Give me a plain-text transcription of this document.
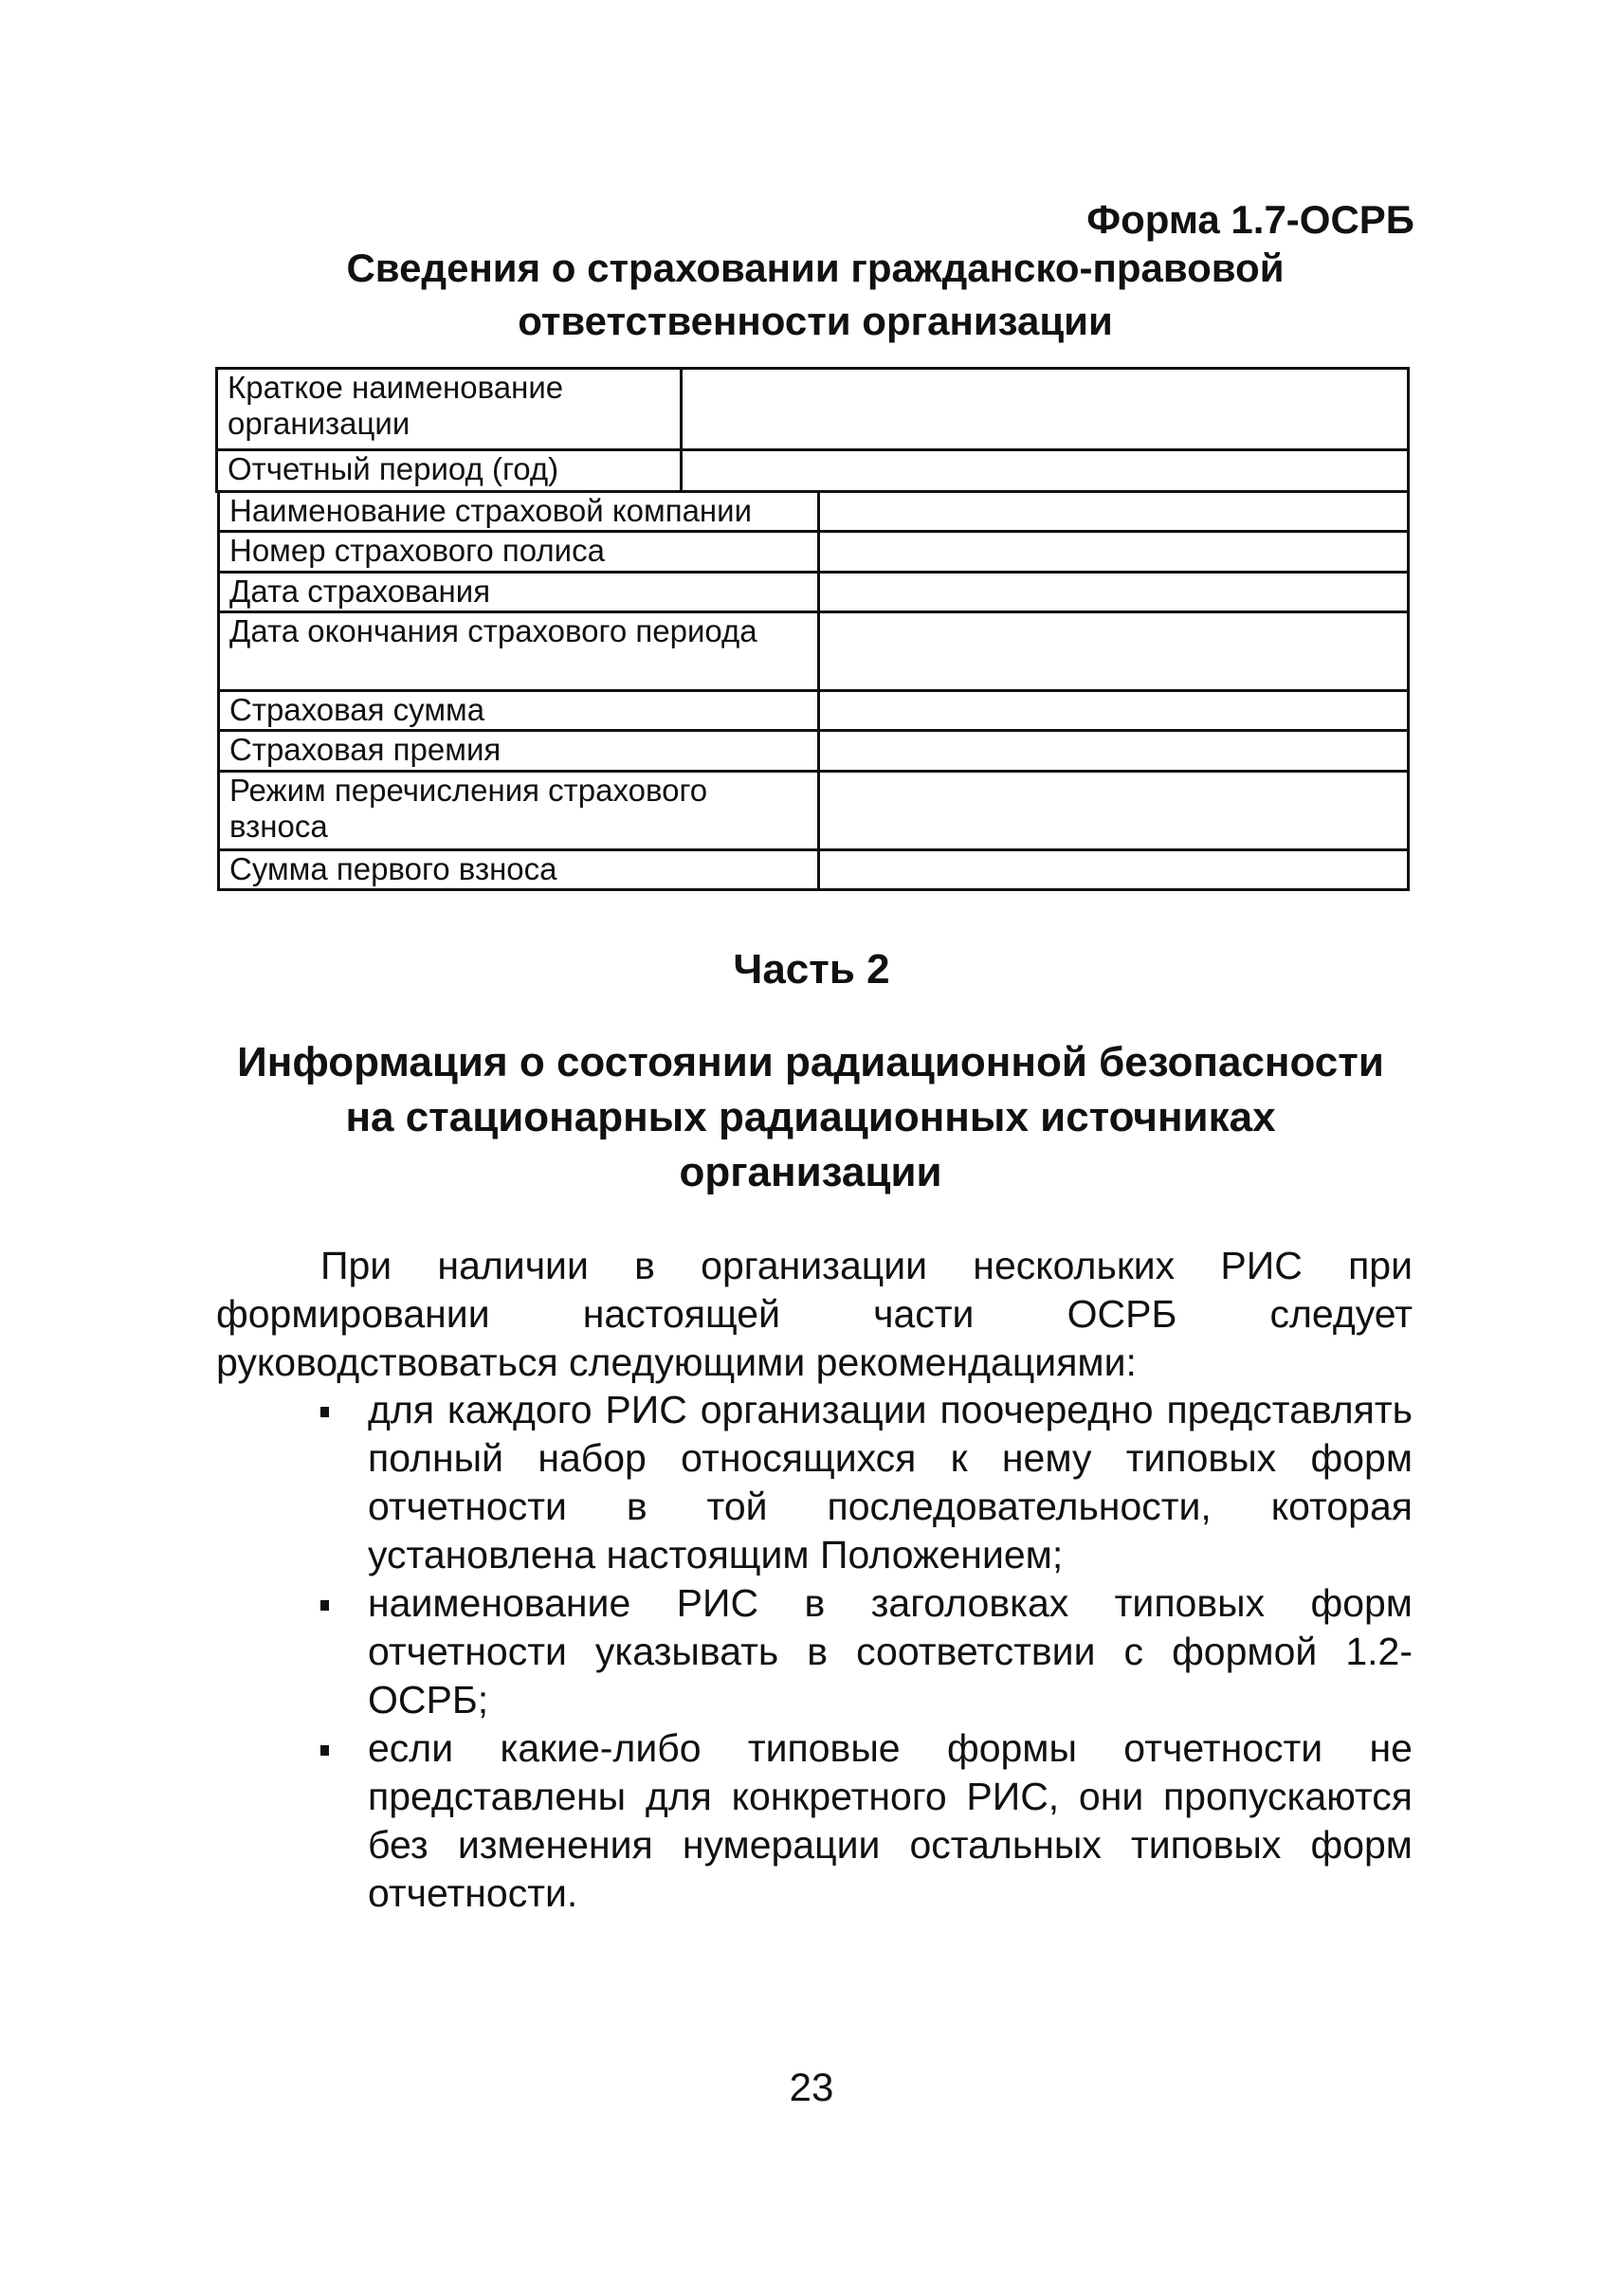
Форма 1.7-ОСРБ
Сведения о страховании гражданско-правовой
ответственности организации
Краткое наименование организации	
Отчетный период (год)	
Наименование страховой компании	
Номер страхового полиса	
Дата страхования	
Дата окончания страхового периода	
Страховая сумма	
Страховая премия	
Режим перечисления страхового взноса	
Сумма первого взноса	
Часть 2
Информация о состоянии радиационной безопасности
на стационарных радиационных источниках
организации

При наличии в организации нескольких РИС при формировании настоящей части ОСРБ следует руководствоваться следующими рекомендациями:

для каждого РИС организации поочередно представлять полный набор относящихся к нему типовых форм отчетности в той последовательности, которая установлена настоящим Положением;
наименование РИС в заголовках типовых форм отчетности указывать в соответствии с формой 1.2-ОСРБ;
если какие-либо типовые формы отчетности не представлены для конкретного РИС, они пропускаются без изменения нумерации остальных типовых форм отчетности.
23
